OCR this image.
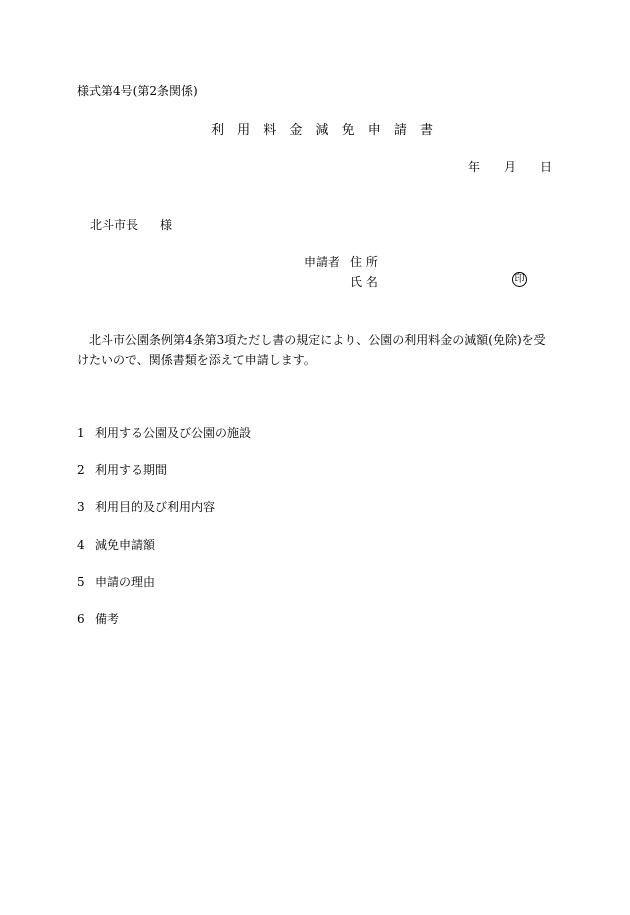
様式第4号(第2条関係)
利 用 料 金 減 免 申 請 書
年 月 日
北斗市長 様
申請者 住 所
氏 名	印
北斗市公園条例第4条第3項ただし書の規定により、公園の利用料金の減額(免除)を受けたいので、関係書類を添えて申請します。
1 利用する公園及び公園の施設
2 利用する期間
3 利用目的及び利用内容
4 減免申請額
5 申請の理由
6 備考
